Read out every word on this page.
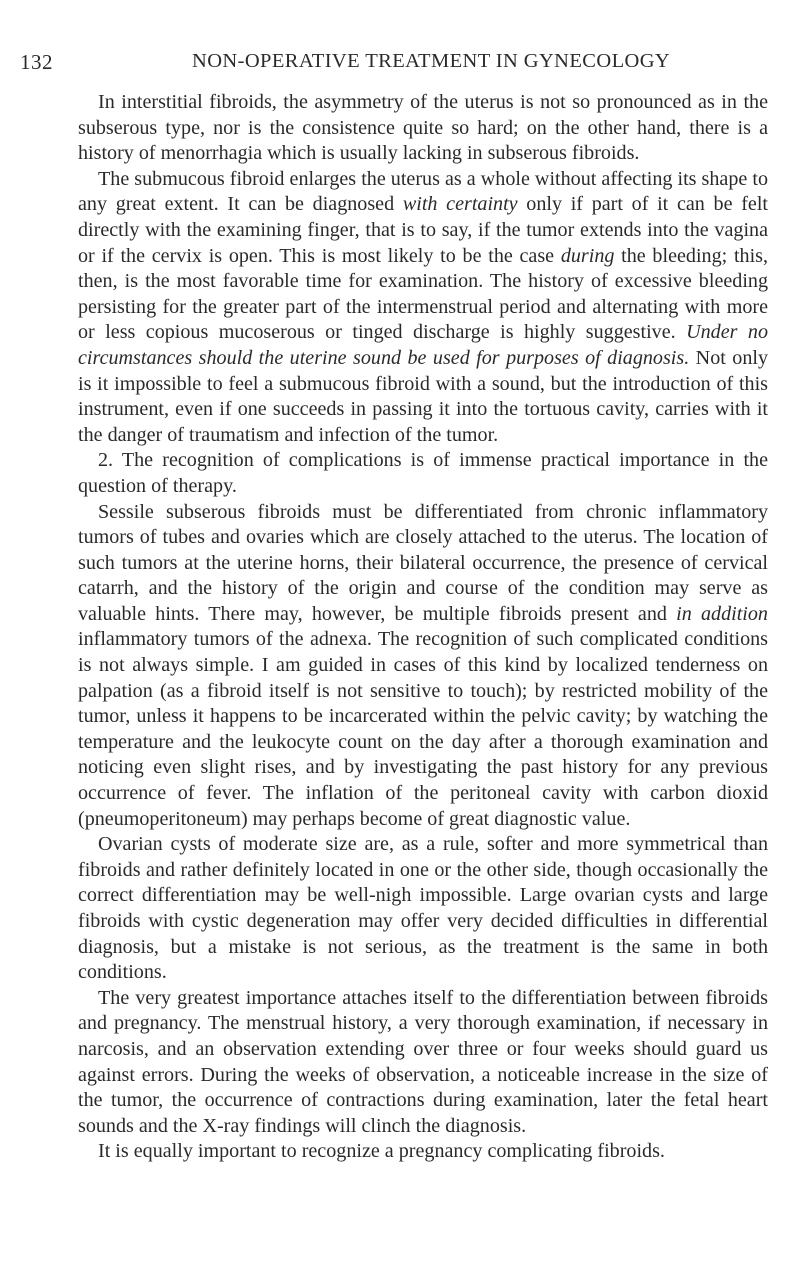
132	NON-OPERATIVE TREATMENT IN GYNECOLOGY

In interstitial fibroids, the asymmetry of the uterus is not so pronounced as in the subserous type, nor is the consistence quite so hard; on the other hand, there is a history of menorrhagia which is usually lacking in subserous fibroids.

The submucous fibroid enlarges the uterus as a whole without affecting its shape to any great extent. It can be diagnosed with certainty only if part of it can be felt directly with the examining finger, that is to say, if the tumor extends into the vagina or if the cervix is open. This is most likely to be the case during the bleeding; this, then, is the most favorable time for examination. The history of excessive bleeding persisting for the greater part of the intermenstrual period and alternating with more or less copious mucoserous or tinged discharge is highly suggestive. Under no circumstances should the uterine sound be used for purposes of diagnosis. Not only is it impossible to feel a submucous fibroid with a sound, but the introduction of this instrument, even if one succeeds in passing it into the tortuous cavity, carries with it the danger of traumatism and infection of the tumor.

2. The recognition of complications is of immense practical importance in the question of therapy.

Sessile subserous fibroids must be differentiated from chronic inflammatory tumors of tubes and ovaries which are closely attached to the uterus. The location of such tumors at the uterine horns, their bilateral occurrence, the presence of cervical catarrh, and the history of the origin and course of the condition may serve as valuable hints. There may, however, be multiple fibroids present and in addition inflammatory tumors of the adnexa. The recognition of such complicated conditions is not always simple. I am guided in cases of this kind by localized tenderness on palpation (as a fibroid itself is not sensitive to touch); by restricted mobility of the tumor, unless it happens to be incarcerated within the pelvic cavity; by watching the temperature and the leukocyte count on the day after a thorough examination and noticing even slight rises, and by investigating the past history for any previous occurrence of fever. The inflation of the peritoneal cavity with carbon dioxid (pneumoperitoneum) may perhaps become of great diagnostic value.

Ovarian cysts of moderate size are, as a rule, softer and more symmetrical than fibroids and rather definitely located in one or the other side, though occasionally the correct differentiation may be well-nigh impossible. Large ovarian cysts and large fibroids with cystic degeneration may offer very decided difficulties in differential diagnosis, but a mistake is not serious, as the treatment is the same in both conditions.

The very greatest importance attaches itself to the differentiation between fibroids and pregnancy. The menstrual history, a very thorough examination, if necessary in narcosis, and an observation extending over three or four weeks should guard us against errors. During the weeks of observation, a noticeable increase in the size of the tumor, the occurrence of contractions during examination, later the fetal heart sounds and the X-ray findings will clinch the diagnosis.

It is equally important to recognize a pregnancy complicating fibroids.
